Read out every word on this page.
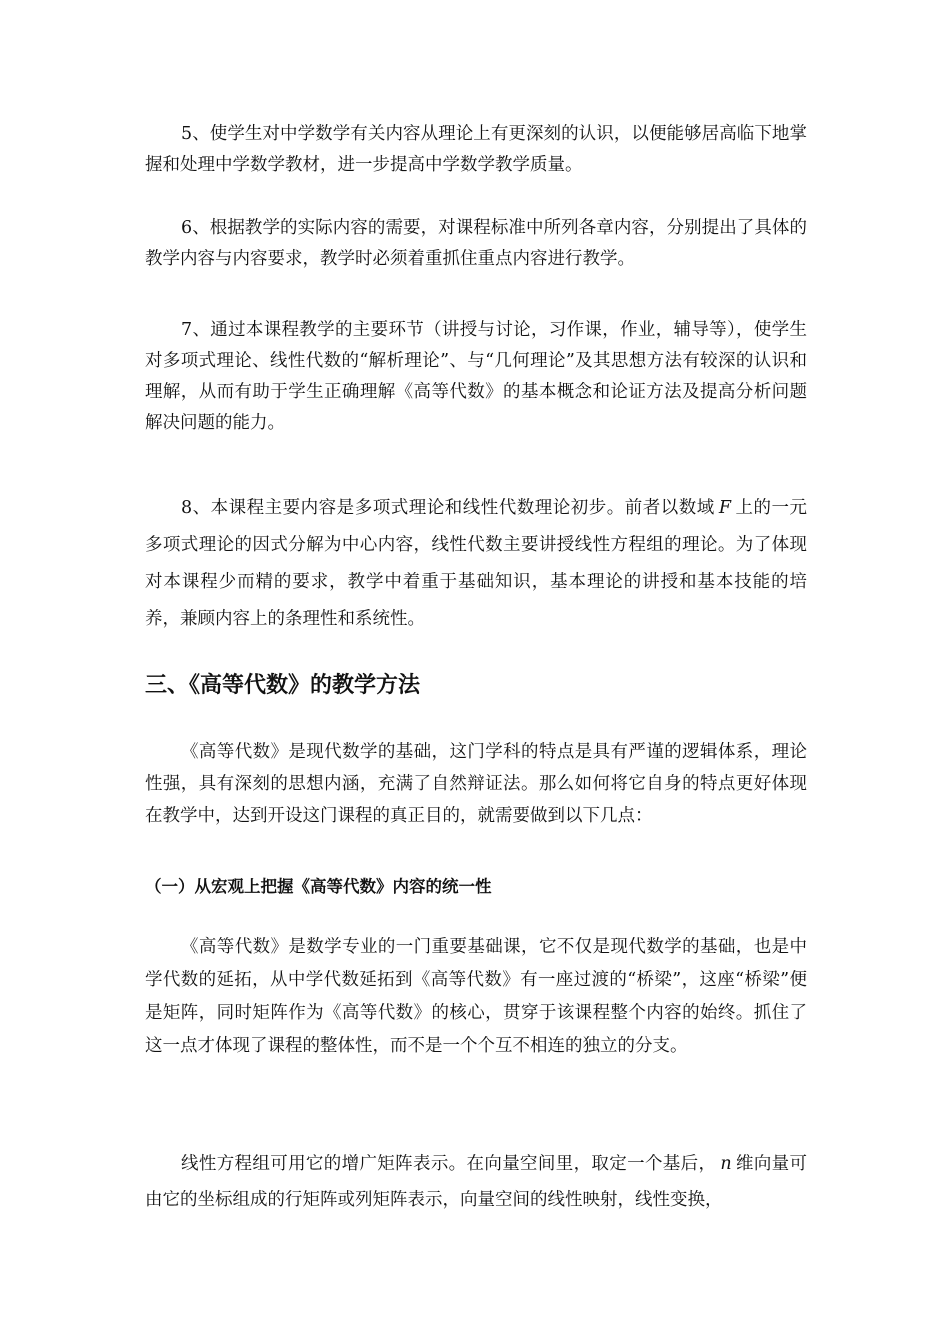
5、使学生对中学数学有关内容从理论上有更深刻的认识，以便能够居高临下地掌握和处理中学数学教材，进一步提高中学数学教学质量。

6、根据教学的实际内容的需要，对课程标准中所列各章内容，分别提出了具体的教学内容与内容要求，教学时必须着重抓住重点内容进行教学。

7、通过本课程教学的主要环节（讲授与讨论，习作课，作业，辅导等），使学生对多项式理论、线性代数的“解析理论”、与“几何理论”及其思想方法有较深的认识和理解，从而有助于学生正确理解《高等代数》的基本概念和论证方法及提高分析问题 解决问题的能力。

8、本课程主要内容是多项式理论和线性代数理论初步。前者以数域 F 上的一元多项式理论的因式分解为中心内容，线性代数主要讲授线性方程组的理论。为了体现对本课程少而精的要求，教学中着重于基础知识，基本理论的讲授和基本技能的培养，兼顾内容上的条理性和系统性。

三、《高等代数》的教学方法

《高等代数》是现代数学的基础，这门学科的特点是具有严谨的逻辑体系，理论性强，具有深刻的思想内涵，充满了自然辩证法。那么如何将它自身的特点更好体现在教学中，达到开设这门课程的真正目的，就需要做到以下几点：

（一）从宏观上把握《高等代数》内容的统一性

《高等代数》是数学专业的一门重要基础课，它不仅是现代数学的基础，也是中学代数的延拓，从中学代数延拓到《高等代数》有一座过渡的“桥梁”，这座“桥梁”便是矩阵，同时矩阵作为《高等代数》的核心，贯穿于该课程整个内容的始终。抓住了这一点才体现了课程的整体性，而不是一个个互不相连的独立的分支。

线性方程组可用它的增广矩阵表示。在向量空间里，取定一个基后， n 维向量可由它的坐标组成的行矩阵或列矩阵表示，向量空间的线性映射，线性变换，
